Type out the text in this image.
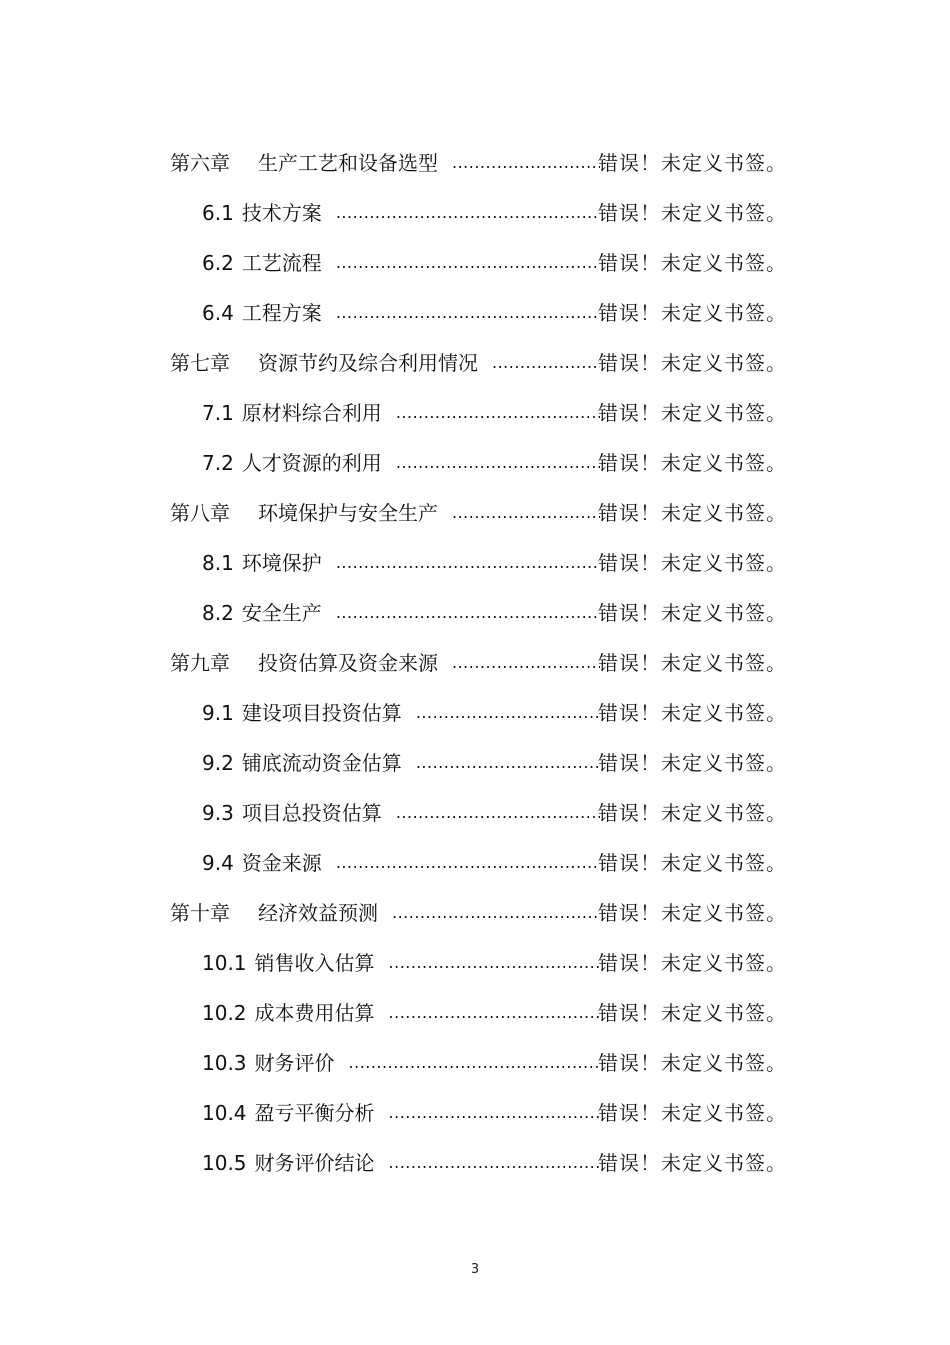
第六章	生产工艺和设备选型 .....	错误！未定义书签。
6.1 技术方案 .....	错误！未定义书签。
6.2 工艺流程 .....	错误！未定义书签。
6.4 工程方案 .....	错误！未定义书签。
第七章	资源节约及综合利用情况 .....	错误！未定义书签。
7.1 原材料综合利用 .....	错误！未定义书签。
7.2 人才资源的利用 .....	错误！未定义书签。
第八章	环境保护与安全生产 .....	错误！未定义书签。
8.1 环境保护 .....	错误！未定义书签。
8.2 安全生产 .....	错误！未定义书签。
第九章	投资估算及资金来源 .....	错误！未定义书签。
9.1 建设项目投资估算 .....	错误！未定义书签。
9.2 铺底流动资金估算 .....	错误！未定义书签。
9.3 项目总投资估算 .....	错误！未定义书签。
9.4 资金来源 .....	错误！未定义书签。
第十章	经济效益预测 .....	错误！未定义书签。
10.1 销售收入估算 .....	错误！未定义书签。
10.2 成本费用估算 .....	错误！未定义书签。
10.3 财务评价 .....	错误！未定义书签。
10.4 盈亏平衡分析 .....	错误！未定义书签。
10.5 财务评价结论 .....	错误！未定义书签。
3
